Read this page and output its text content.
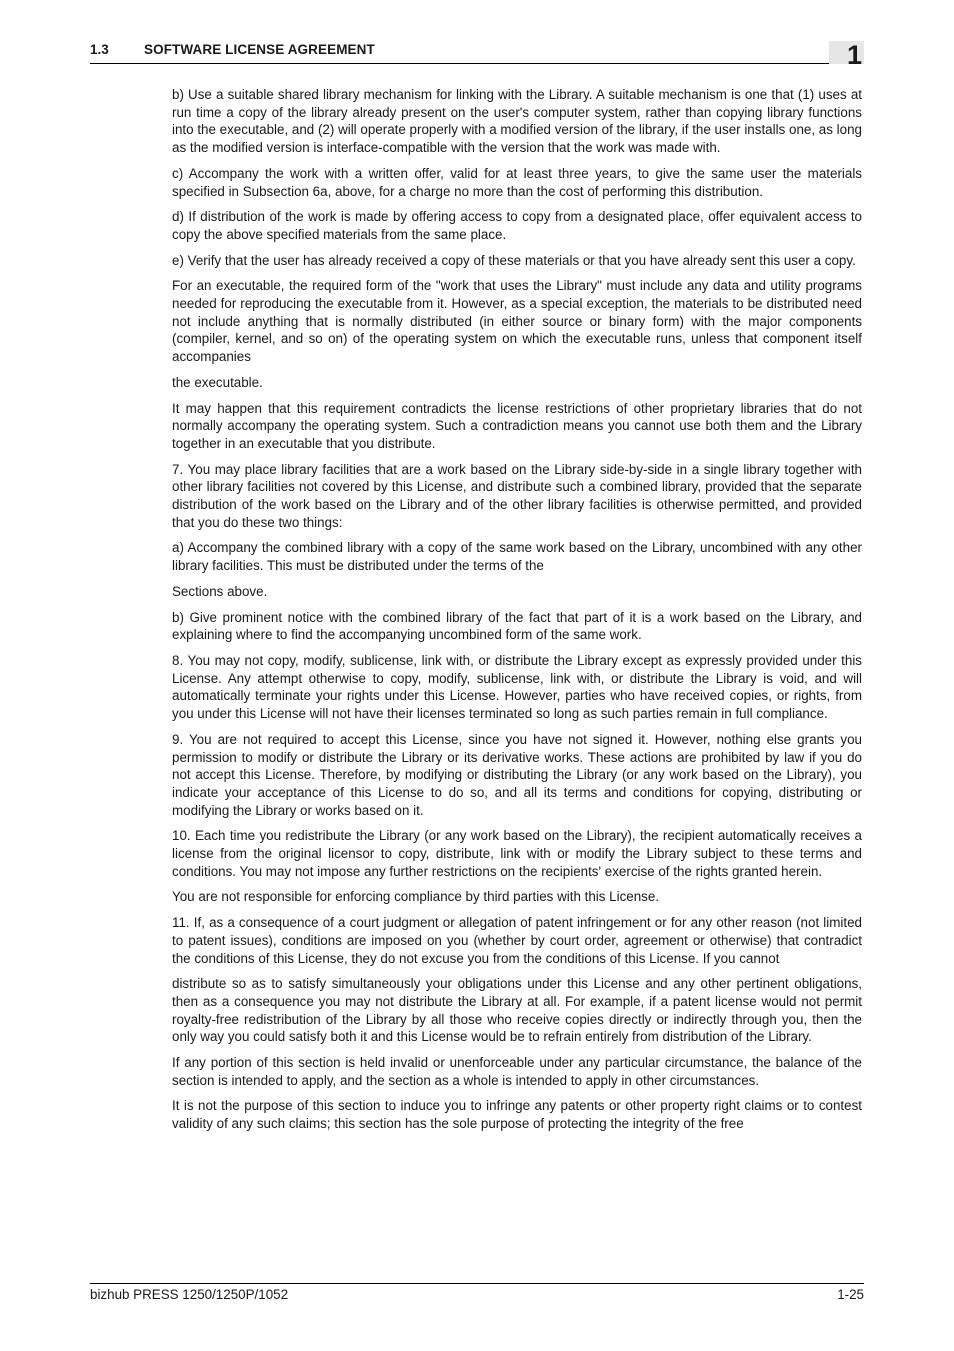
1.3	SOFTWARE LICENSE AGREEMENT	1

b) Use a suitable shared library mechanism for linking with the Library. A suitable mechanism is one that (1) uses at run time a copy of the library already present on the user's computer system, rather than copying library functions into the executable, and (2) will operate properly with a modified version of the library, if the user installs one, as long as the modified version is interface-compatible with the version that the work was made with.

c) Accompany the work with a written offer, valid for at least three years, to give the same user the materials specified in Subsection 6a, above, for a charge no more than the cost of performing this distribution.

d) If distribution of the work is made by offering access to copy from a designated place, offer equivalent access to copy the above specified materials from the same place.

e) Verify that the user has already received a copy of these materials or that you have already sent this user a copy.

For an executable, the required form of the "work that uses the Library" must include any data and utility programs needed for reproducing the executable from it. However, as a special exception, the materials to be distributed need not include anything that is normally distributed (in either source or binary form) with the major components (compiler, kernel, and so on) of the operating system on which the executable runs, unless that component itself accompanies

the executable.

It may happen that this requirement contradicts the license restrictions of other proprietary libraries that do not normally accompany the operating system. Such a contradiction means you cannot use both them and the Library together in an executable that you distribute.

7. You may place library facilities that are a work based on the Library side-by-side in a single library together with other library facilities not covered by this License, and distribute such a combined library, provided that the separate distribution of the work based on the Library and of the other library facilities is otherwise permitted, and provided that you do these two things:

a) Accompany the combined library with a copy of the same work based on the Library, uncombined with any other library facilities. This must be distributed under the terms of the

Sections above.

b) Give prominent notice with the combined library of the fact that part of it is a work based on the Library, and explaining where to find the accompanying uncombined form of the same work.

8. You may not copy, modify, sublicense, link with, or distribute the Library except as expressly provided under this License. Any attempt otherwise to copy, modify, sublicense, link with, or distribute the Library is void, and will automatically terminate your rights under this License. However, parties who have received copies, or rights, from you under this License will not have their licenses terminated so long as such parties remain in full compliance.

9. You are not required to accept this License, since you have not signed it. However, nothing else grants you permission to modify or distribute the Library or its derivative works. These actions are prohibited by law if you do not accept this License. Therefore, by modifying or distributing the Library (or any work based on the Library), you indicate your acceptance of this License to do so, and all its terms and conditions for copying, distributing or modifying the Library or works based on it.

10. Each time you redistribute the Library (or any work based on the Library), the recipient automatically receives a license from the original licensor to copy, distribute, link with or modify the Library subject to these terms and conditions. You may not impose any further restrictions on the recipients' exercise of the rights granted herein.

You are not responsible for enforcing compliance by third parties with this License.

11. If, as a consequence of a court judgment or allegation of patent infringement or for any other reason (not limited to patent issues), conditions are imposed on you (whether by court order, agreement or otherwise) that contradict the conditions of this License, they do not excuse you from the conditions of this License. If you cannot

distribute so as to satisfy simultaneously your obligations under this License and any other pertinent obligations, then as a consequence you may not distribute the Library at all. For example, if a patent license would not permit royalty-free redistribution of the Library by all those who receive copies directly or indirectly through you, then the only way you could satisfy both it and this License would be to refrain entirely from distribution of the Library.

If any portion of this section is held invalid or unenforceable under any particular circumstance, the balance of the section is intended to apply, and the section as a whole is intended to apply in other circumstances.

It is not the purpose of this section to induce you to infringe any patents or other property right claims or to contest validity of any such claims; this section has the sole purpose of protecting the integrity of the free

bizhub PRESS 1250/1250P/1052	1-25
